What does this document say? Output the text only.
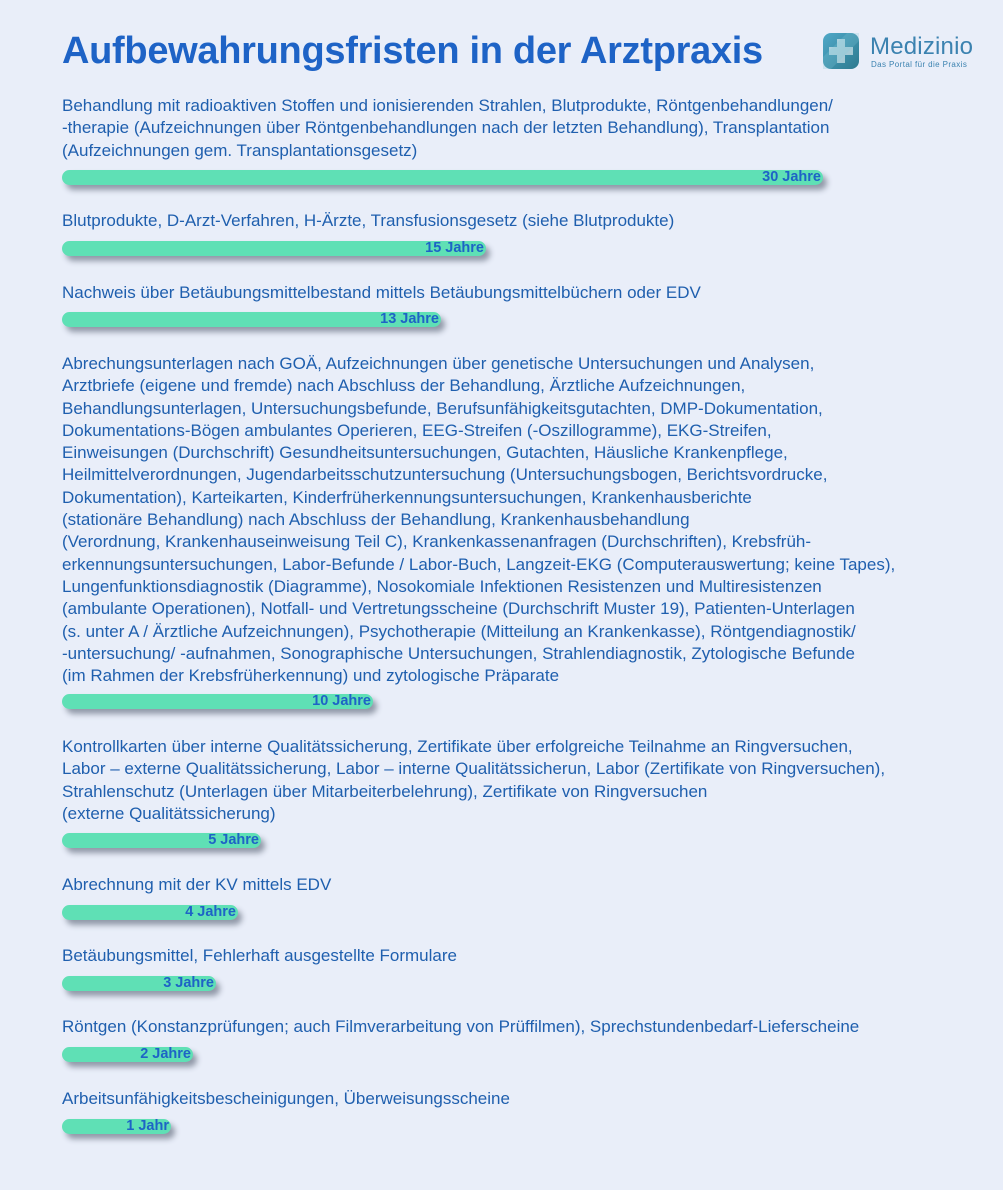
Aufbewahrungsfristen in der Arztpraxis	Medizinio
Das Portal für die Praxis

Behandlung mit radioaktiven Stoffen und ionisierenden Strahlen, Blutprodukte, Röntgenbehandlungen/
-therapie (Aufzeichnungen über Röntgenbehandlungen nach der letzten Behandlung), Transplantation
(Aufzeichnungen gem. Transplantationsgesetz)

30 Jahre

Blutprodukte, D-Arzt-Verfahren, H-Ärzte, Transfusionsgesetz (siehe Blutprodukte)

15 Jahre

Nachweis über Betäubungsmittelbestand mittels Betäubungsmittelbüchern oder EDV

13 Jahre

Abrechungsunterlagen nach GOÄ, Aufzeichnungen über genetische Untersuchungen und Analysen,
Arztbriefe (eigene und fremde) nach Abschluss der Behandlung, Ärztliche Aufzeichnungen,
Behandlungsunterlagen, Untersuchungsbefunde, Berufsunfähigkeitsgutachten, DMP-Dokumentation,
Dokumentations-Bögen ambulantes Operieren, EEG-Streifen (-Oszillogramme), EKG-Streifen,
Einweisungen (Durchschrift) Gesundheitsuntersuchungen, Gutachten, Häusliche Krankenpflege,
Heilmittelverordnungen, Jugendarbeitsschutzuntersuchung (Untersuchungsbogen, Berichtsvordrucke,
Dokumentation), Karteikarten, Kinderfrüherkennungsuntersuchungen, Krankenhausberichte
(stationäre Behandlung) nach Abschluss der Behandlung, Krankenhausbehandlung
(Verordnung, Krankenhauseinweisung Teil C), Krankenkassenanfragen (Durchschriften), Krebsfrüh-
erkennungsuntersuchungen, Labor-Befunde / Labor-Buch, Langzeit-EKG (Computerauswertung; keine Tapes),
Lungenfunktionsdiagnostik (Diagramme), Nosokomiale Infektionen Resistenzen und Multiresistenzen
(ambulante Operationen), Notfall- und Vertretungsscheine (Durchschrift Muster 19), Patienten-Unterlagen
(s. unter A / Ärztliche Aufzeichnungen), Psychotherapie (Mitteilung an Krankenkasse), Röntgendiagnostik/
-untersuchung/ -aufnahmen, Sonographische Untersuchungen, Strahlendiagnostik, Zytologische Befunde
(im Rahmen der Krebsfrüherkennung) und zytologische Präparate

10 Jahre

Kontrollkarten über interne Qualitätssicherung, Zertifikate über erfolgreiche Teilnahme an Ringversuchen,
Labor – externe Qualitätssicherung, Labor – interne Qualitätssicherun, Labor (Zertifikate von Ringversuchen),
Strahlenschutz (Unterlagen über Mitarbeiterbelehrung), Zertifikate von Ringversuchen
(externe Qualitätssicherung)

5 Jahre

Abrechnung mit der KV mittels EDV

4 Jahre

Betäubungsmittel, Fehlerhaft ausgestellte Formulare

3 Jahre

Röntgen (Konstanzprüfungen; auch Filmverarbeitung von Prüffilmen), Sprechstundenbedarf-Lieferscheine

2 Jahre

Arbeitsunfähigkeitsbescheinigungen, Überweisungsscheine

1 Jahr
